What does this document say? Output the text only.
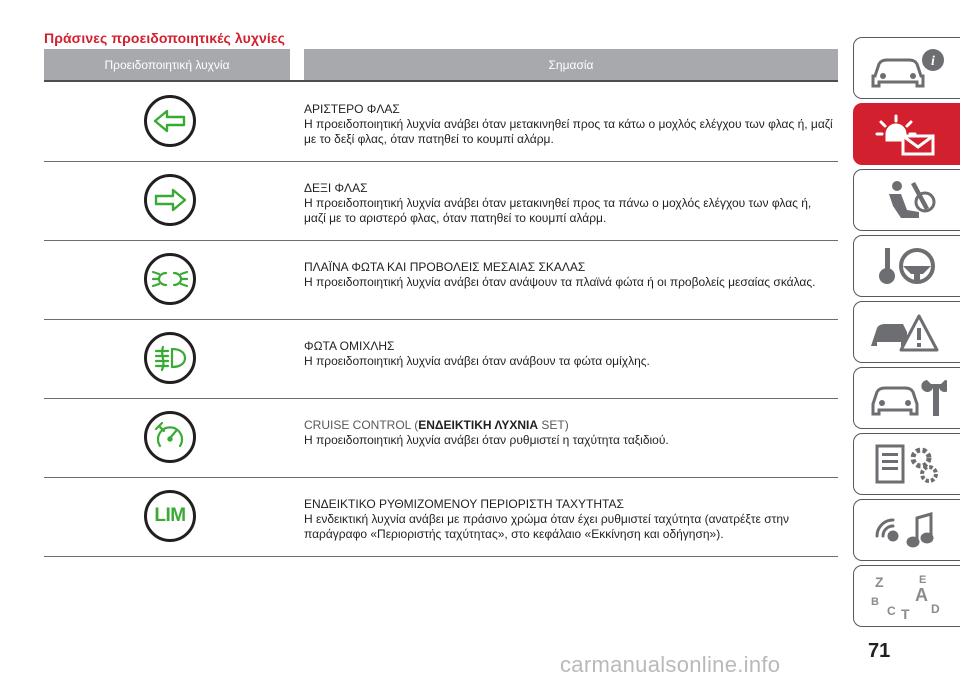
Πράσινες προειδοποιητικές λυχνίες
Προειδοποιητική λυχνία	Σημασία
ΑΡΙΣΤΕΡΟ ΦΛΑΣ
Η προειδοποιητική λυχνία ανάβει όταν μετακινηθεί προς τα κάτω ο μοχλός ελέγχου των φλας ή, μαζί με το δεξί φλας, όταν πατηθεί το κουμπί αλάρμ.
ΔΕΞΙ ΦΛΑΣ
Η προειδοποιητική λυχνία ανάβει όταν μετακινηθεί προς τα πάνω ο μοχλός ελέγχου των φλας ή, μαζί με το αριστερό φλας, όταν πατηθεί το κουμπί αλάρμ.
ΠΛΑΪΝΑ ΦΩΤΑ ΚΑΙ ΠΡΟΒΟΛΕΙΣ ΜΕΣΑΙΑΣ ΣΚΑΛΑΣ
Η προειδοποιητική λυχνία ανάβει όταν ανάψουν τα πλαϊνά φώτα ή οι προβολείς μεσαίας σκάλας.
ΦΩΤΑ ΟΜΙΧΛΗΣ
Η προειδοποιητική λυχνία ανάβει όταν ανάβουν τα φώτα ομίχλης.
CRUISE CONTROL (ΕΝΔΕΙΚΤΙΚΗ ΛΥΧΝΙΑ SET)
Η προειδοποιητική λυχνία ανάβει όταν ρυθμιστεί η ταχύτητα ταξιδιού.
LIM
ΕΝΔΕΙΚΤΙΚΟ ΡΥΘΜΙΖΟΜΕΝΟΥ ΠΕΡΙΟΡΙΣΤΗ ΤΑΧΥΤΗΤΑΣ
Η ενδεικτική λυχνία ανάβει με πράσινο χρώμα όταν έχει ρυθμιστεί ταχύτητα (ανατρέξτε στην παράγραφο «Περιοριστής ταχύτητας», στο κεφάλαιο «Εκκίνηση και οδήγηση»).
i
Z	E
B A
C	D
T
71
carmanualsonline.info
